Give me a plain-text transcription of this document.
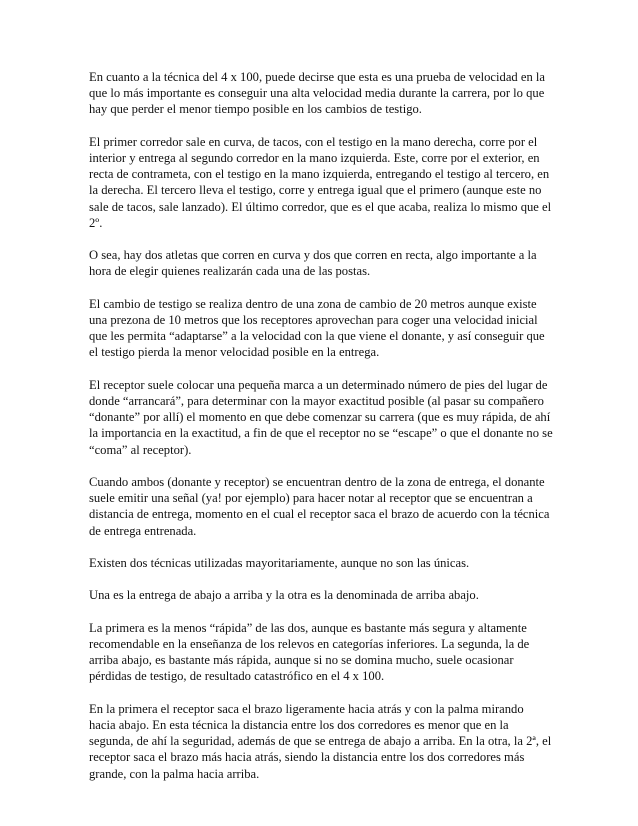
En cuanto a la técnica del 4 x 100, puede decirse que esta es una prueba de velocidad en la que lo más importante es conseguir una alta velocidad media durante la carrera, por lo que hay que perder el menor tiempo posible en los cambios de testigo.

El primer corredor sale en curva, de tacos, con el testigo en la mano derecha, corre por el interior y entrega al segundo corredor en la mano izquierda. Este, corre por el exterior, en recta de contrameta, con el testigo en la mano izquierda, entregando el testigo al tercero, en la derecha. El tercero lleva el testigo, corre y entrega igual que el primero (aunque este no sale de tacos, sale lanzado). El último corredor, que es el que acaba, realiza lo mismo que el 2º.

O sea, hay dos atletas que corren en curva y dos que corren en recta, algo importante a la hora de elegir quienes realizarán cada una de las postas.

El cambio de testigo se realiza dentro de una zona de cambio de 20 metros aunque existe una prezona de 10 metros que los receptores aprovechan para coger una velocidad inicial que les permita “adaptarse” a la velocidad con la que viene el donante, y así conseguir que el testigo pierda la menor velocidad posible en la entrega.

El receptor suele colocar una pequeña marca a un determinado número de pies del lugar de donde “arrancará”, para determinar con la mayor exactitud posible (al pasar su compañero “donante” por allí) el momento en que debe comenzar su carrera (que es muy rápida, de ahí la importancia en la exactitud, a fin de que el receptor no se “escape” o que el donante no se “coma” al receptor).

Cuando ambos (donante y receptor) se encuentran dentro de la zona de entrega, el donante suele emitir una señal (ya! por ejemplo) para hacer notar al receptor que se encuentran a distancia de entrega, momento en el cual el receptor saca el brazo de acuerdo con la técnica de entrega entrenada.

Existen dos técnicas utilizadas mayoritariamente, aunque no son las únicas.

Una es la entrega de abajo a arriba y la otra es la denominada de arriba abajo.

La primera es la menos “rápida” de las dos, aunque es bastante más segura y altamente recomendable en la enseñanza de los relevos en categorías inferiores. La segunda, la de arriba abajo, es bastante más rápida, aunque si no se domina mucho, suele ocasionar pérdidas de testigo, de resultado catastrófico en el 4 x 100.

En la primera el receptor saca el brazo ligeramente hacia atrás y con la palma mirando hacia abajo. En esta técnica la distancia entre los dos corredores es menor que en la segunda, de ahí la seguridad, además de que se entrega de abajo a arriba. En la otra, la 2ª, el receptor saca el brazo más hacia atrás, siendo la distancia entre los dos corredores más grande, con la palma hacia arriba.
